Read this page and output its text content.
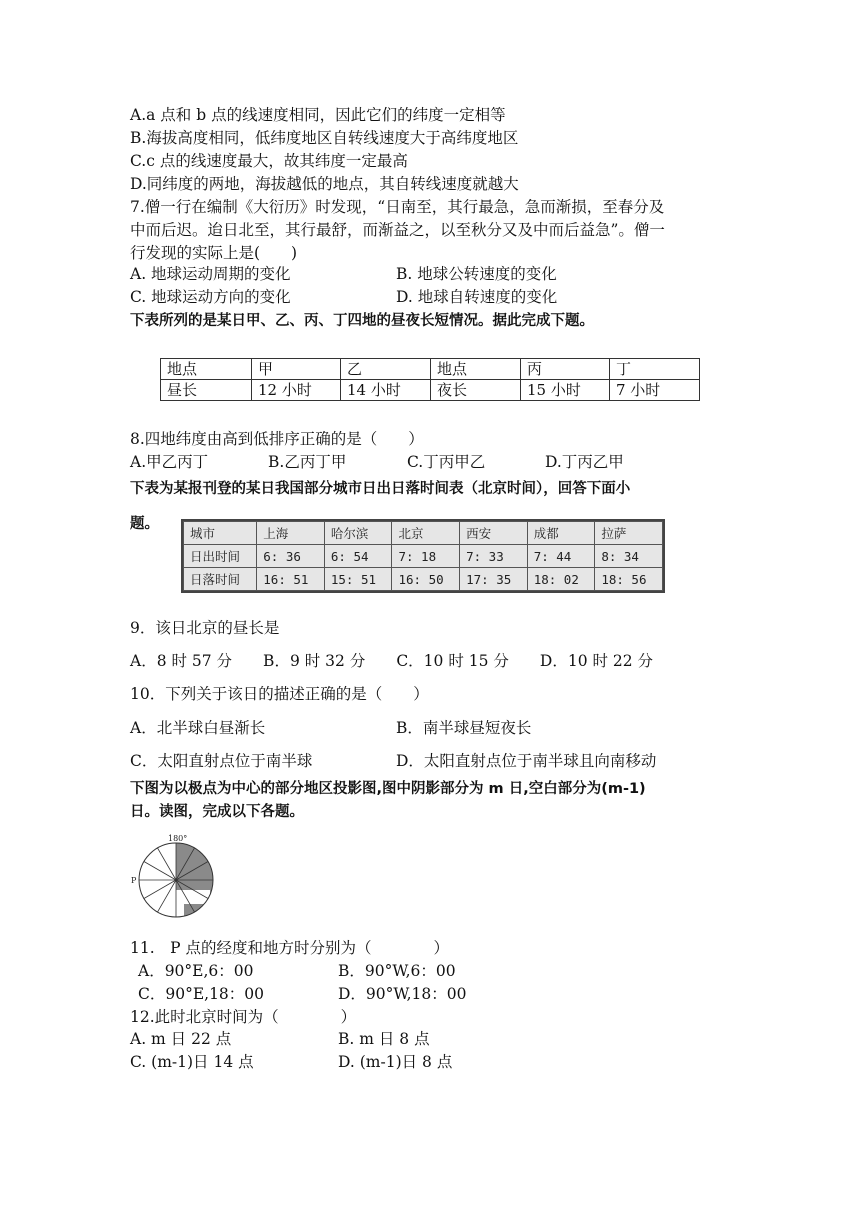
A.a 点和 b 点的线速度相同，因此它们的纬度一定相等
B.海拔高度相同，低纬度地区自转线速度大于高纬度地区
C.c 点的线速度最大，故其纬度一定最高
D.同纬度的两地，海拔越低的地点，其自转线速度就越大
7.僧一行在编制《大衍历》时发现，“日南至，其行最急，急而渐损，至春分及
中而后迟。迨日北至，其行最舒，而渐益之，以至秋分又及中而后益急”。僧一
行发现的实际上是(　　)
A. 地球运动周期的变化	B. 地球公转速度的变化
C. 地球运动方向的变化	D. 地球自转速度的变化
下表所列的是某日甲、乙、丙、丁四地的昼夜长短情况。据此完成下题。
地点	甲	乙	地点	丙	丁
昼长	12 小时	14 小时	夜长	15 小时	7 小时
8.四地纬度由高到低排序正确的是（　　）
A.甲乙丙丁	B.乙丙丁甲	C.丁丙甲乙	D.丁丙乙甲
下表为某报刊登的某日我国部分城市日出日落时间表（北京时间），回答下面小
题。
城市	上海	哈尔滨	北京	西安	成都	拉萨
日出时间	6: 36	6: 54	7: 18	7: 33	7: 44	8: 34
日落时间	16: 51	15: 51	16: 50	17: 35	18: 02	18: 56
9．该日北京的昼长是
A．8 时 57 分　　B．9 时 32 分　　C．10 时 15 分　　D．10 时 22 分
10．下列关于该日的描述正确的是（　　）
A．北半球白昼渐长	B．南半球昼短夜长
C．太阳直射点位于南半球	D．太阳直射点位于南半球且向南移动
下图为以极点为中心的部分地区投影图,图中阴影部分为 m 日,空白部分为(m-1)
日。读图，完成以下各题。
180°
P
11.　P 点的经度和地方时分别为（　　　　）
A．90°E,6：00	B．90°W,6：00
C．90°E,18：00	D．90°W,18：00
12.此时北京时间为（　　　　）
A. m 日 22 点	B. m 日 8 点
C. (m-1)日 14 点	D. (m-1)日 8 点
